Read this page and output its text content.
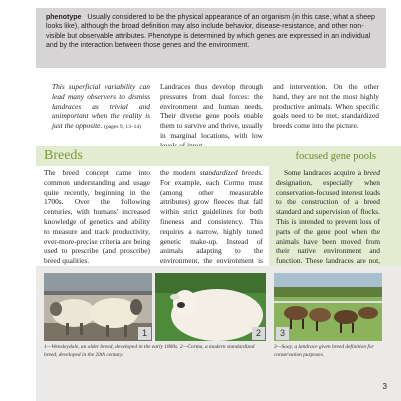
phenotype Usually considered to be the physical appearance of an organism (in this case, what a sheep looks like), although the broad definition may also include behavior, disease-resistance, and other non-visible but observable attributes. Phenotype is determined by which genes are expressed in an individual and by the interaction between those genes and the environment.
This superficial variability can lead many observers to dismiss landraces as trivial and unimportant when the reality is just the opposite. (pages 9, 13–14)
Landraces thus develop through pressures from dual forces: the environment and human needs. Their diverse gene pools enable them to survive and thrive, usually in marginal locations, with low
and intervention. On the other hand, they are not the most highly productive animals. When specific goals need to be met, standardized breeds come into the picture.
Breeds	focused gene pools
The breed concept came into common understanding and usage quite recently, beginning in the 1700s. Over the following centuries, with humans' increased knowledge of genetics and ability to measure and track productivity, ever-more-precise criteria are being used to prescribe (and proscribe) breed qualities.
the modern standardized breeds. For example, each Cormo must (among other measurable attributes) grow fleeces that fall within strict guidelines for both fineness and consistency. This requires a narrow, highly tuned genetic make-up. Instead of animals adapting to the environment, the environment is
Some landraces acquire a breed designation, especially when conservation-focused interest leads to the construction of a breed standard and supervision of flocks. This is intended to prevent loss of parts of the gene pool when the animals have been moved from their native environment and function. These landraces are not,
1	2	3
1—Wensleydale, an older breed, developed in the early 1800s. 2—Corma, a modern standardized breed, developed in the 20th century.
3—Soay, a landrace given breed definition for conservation purposes.
3
